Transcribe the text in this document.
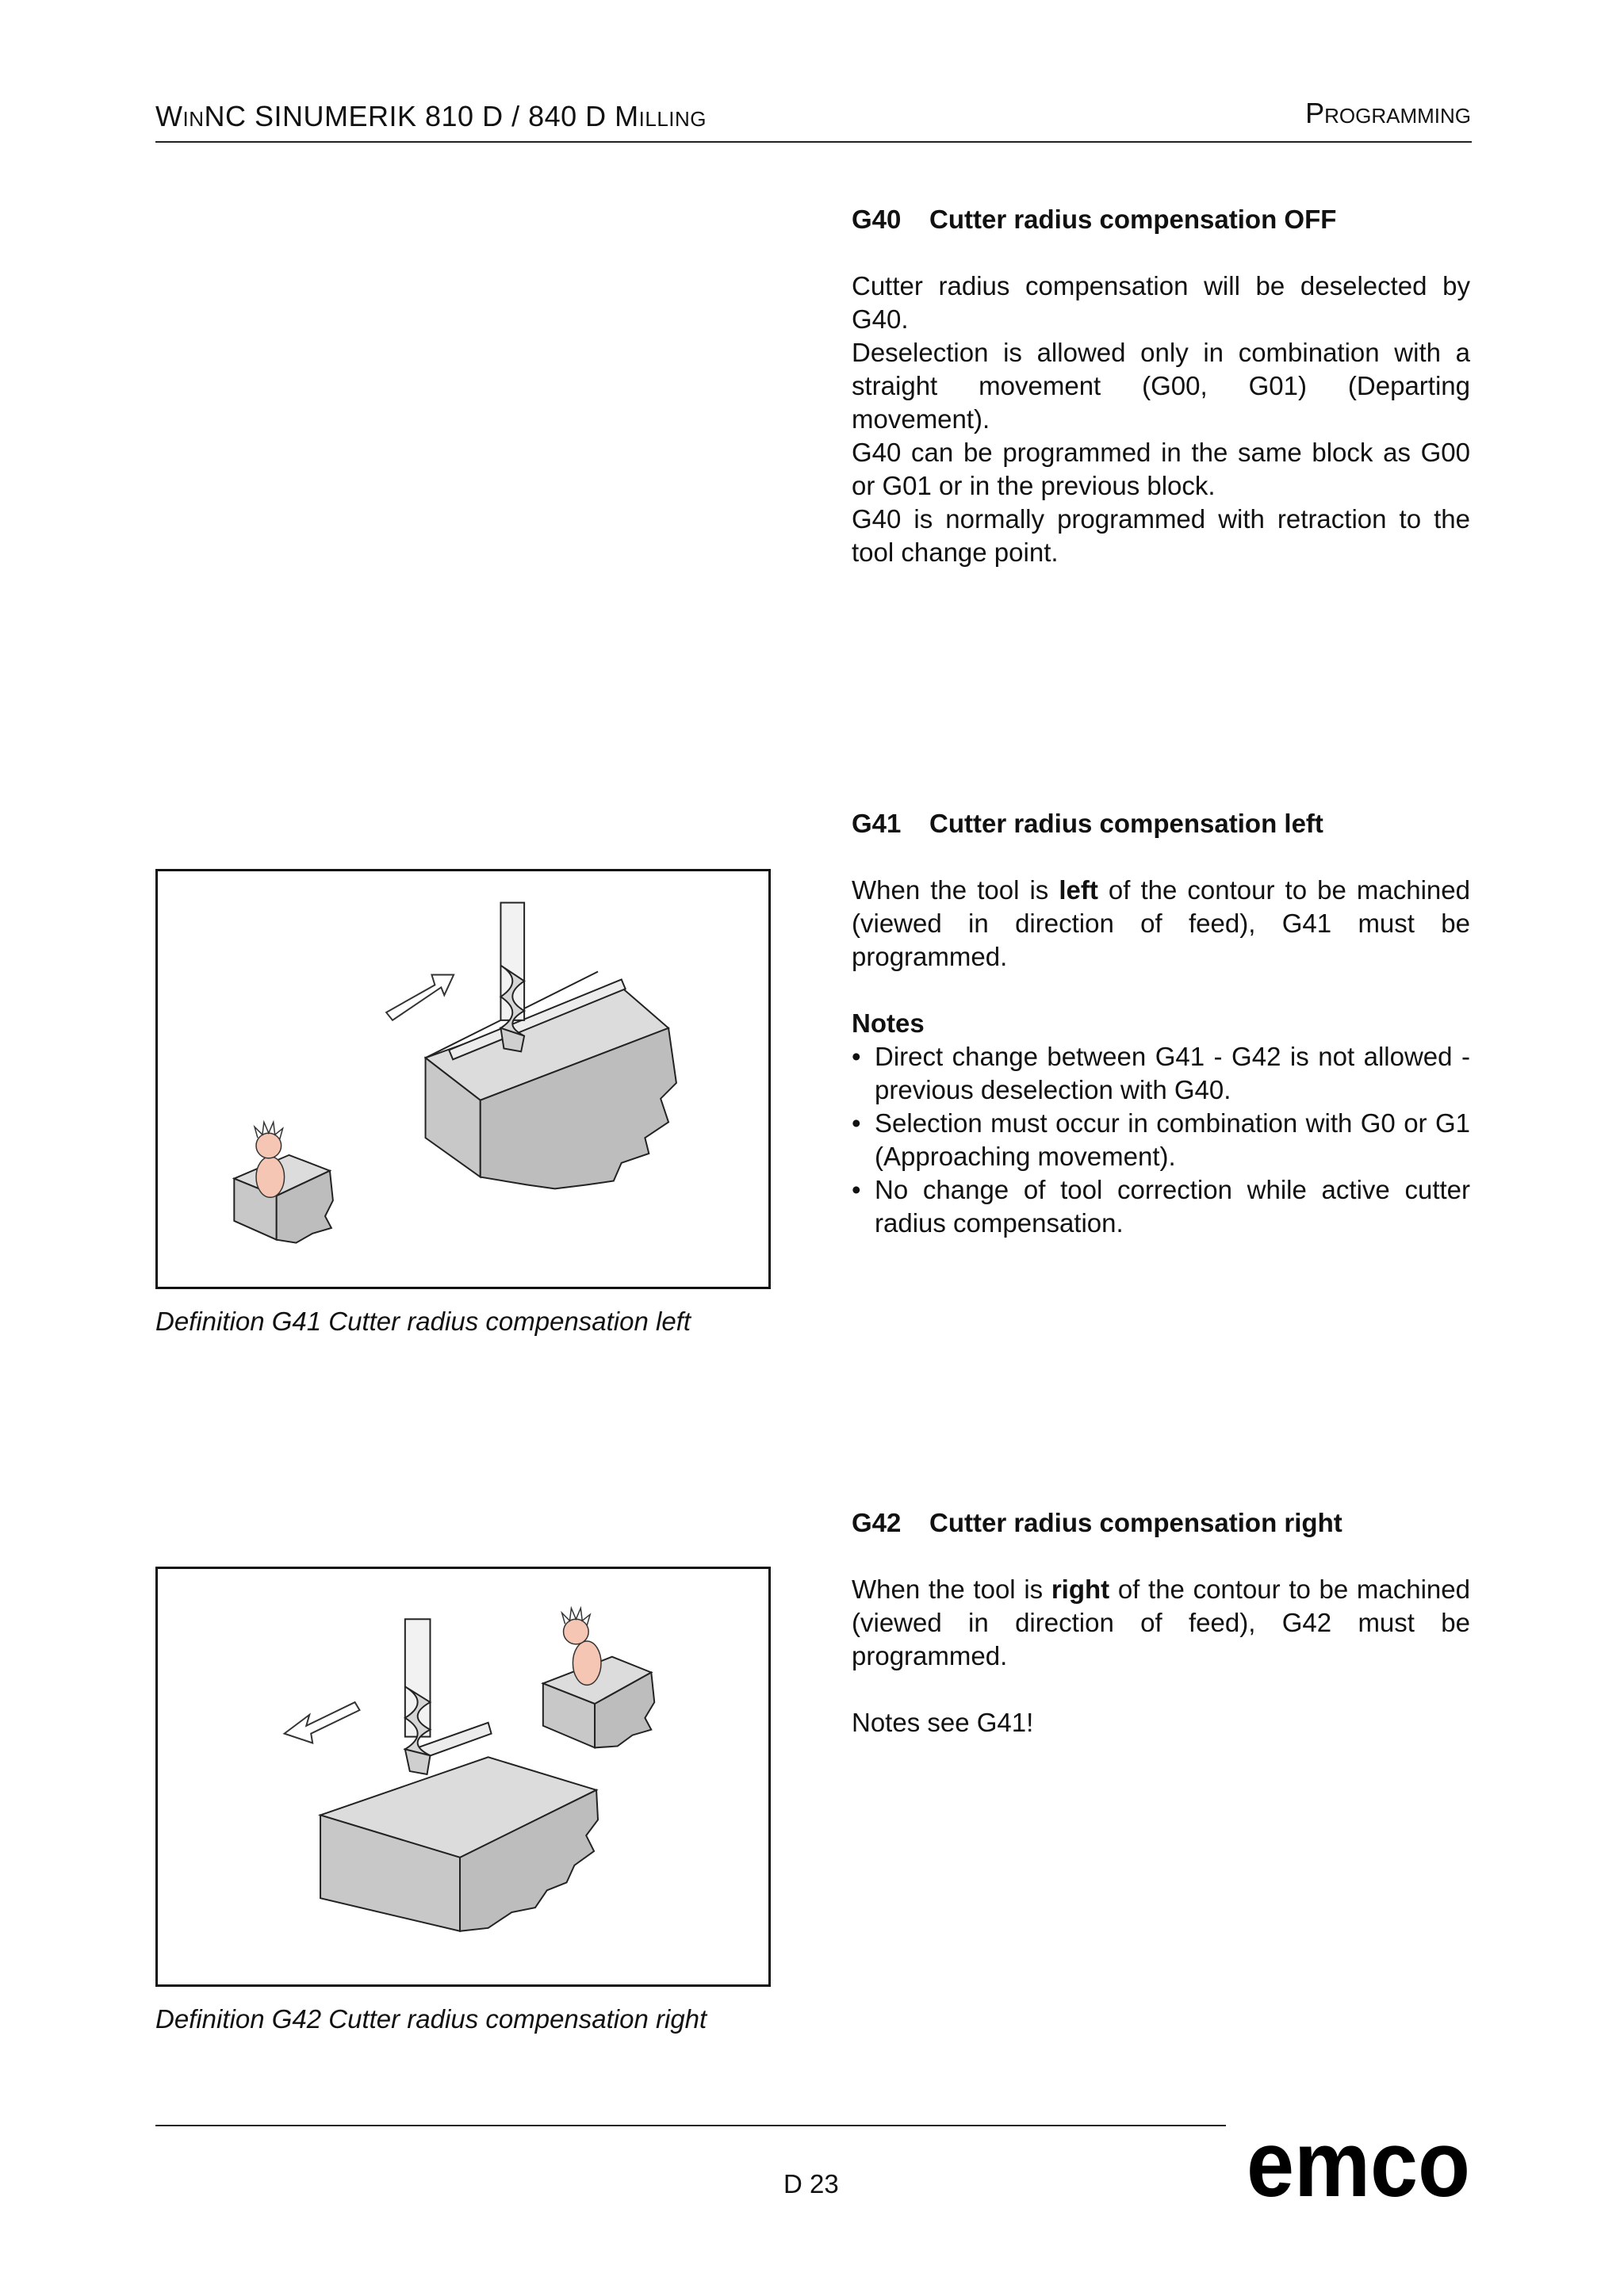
WINNC SINUMERIK 810 D / 840 D MILLING	PROGRAMMING
G40 Cutter radius compensation OFF

Cutter radius compensation will be deselected by G40.

Deselection is allowed only in combination with a straight movement (G00, G01) (Departing movement).

G40 can be programmed in the same block as G00 or G01 or in the previous block.

G40 is normally programmed with retraction to the tool change point.

G41 Cutter radius compensation left

When the tool is left of the contour to be machined (viewed in direction of feed), G41 must be programmed.

Notes
• Direct change between G41 - G42 is not allowed - previous deselection with G40.
• Selection must occur in combination with G0 or G1 (Approaching movement).
• No change of tool correction while active cutter radius compensation.
Definition G41 Cutter radius compensation left
G42 Cutter radius compensation right

When the tool is right of the contour to be machined (viewed in direction of feed), G42 must be programmed.

Notes see G41!

Definition G42 Cutter radius compensation right
D 23	emco
